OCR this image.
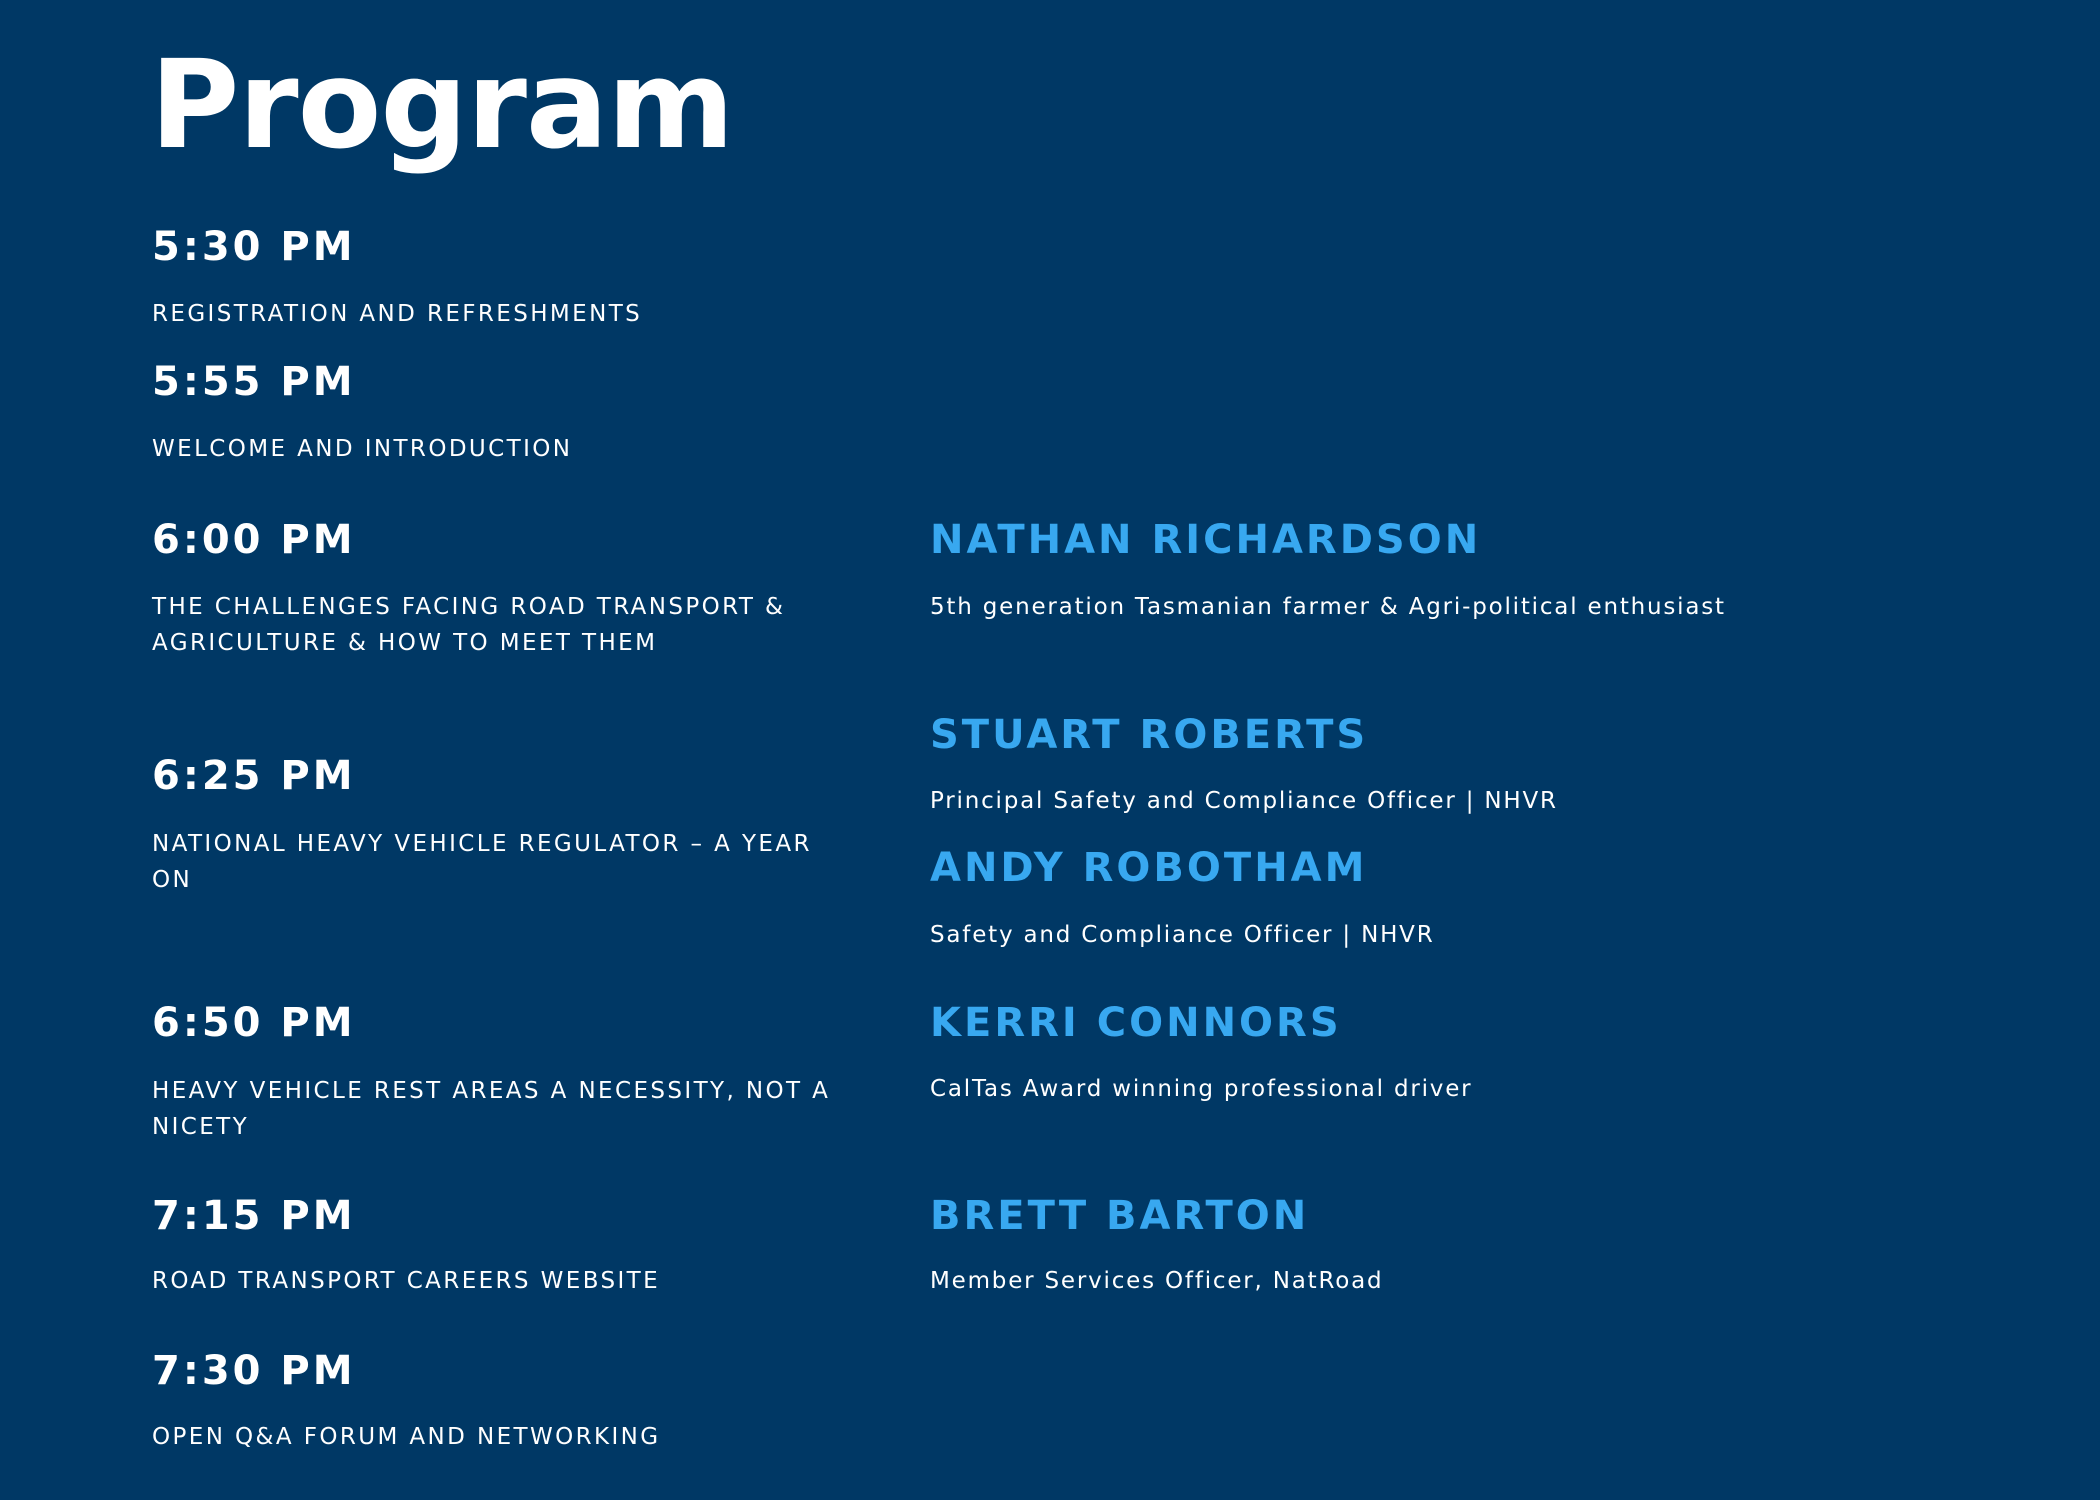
Program
5:30 PM
REGISTRATION AND REFRESHMENTS
5:55 PM
WELCOME AND INTRODUCTION
6:00 PM
THE CHALLENGES FACING ROAD TRANSPORT & AGRICULTURE & HOW TO MEET THEM
6:25 PM
NATIONAL HEAVY VEHICLE REGULATOR – A YEAR ON
6:50 PM
HEAVY VEHICLE REST AREAS A NECESSITY, NOT A NICETY
7:15 PM
ROAD TRANSPORT CAREERS WEBSITE
7:30 PM
OPEN Q&A FORUM AND NETWORKING
NATHAN RICHARDSON
5th generation Tasmanian farmer & Agri-political enthusiast
STUART ROBERTS
Principal Safety and Compliance Officer | NHVR
ANDY ROBOTHAM
Safety and Compliance Officer | NHVR
KERRI CONNORS
CalTas Award winning professional driver
BRETT BARTON
Member Services Officer, NatRoad
